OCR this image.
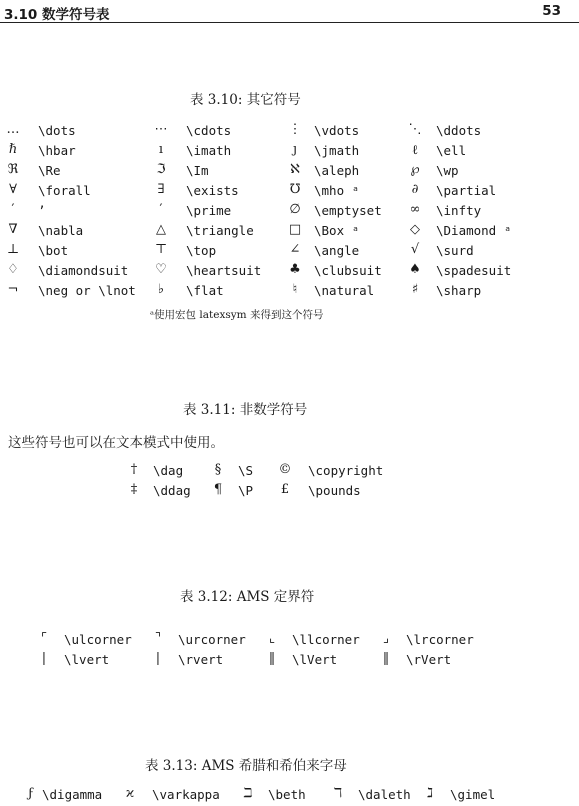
3.10 数学符号表	53
表 3.10: 其它符号
…	\dots	⋯	\cdots	⋮	\vdots	⋱	\ddots
ℏ	\hbar	ı	\imath	ȷ	\jmath	ℓ	\ell
ℜ	\Re	ℑ	\Im	ℵ	\aleph	℘	\wp
∀	\forall	∃	\exists	℧	\mho ᵃ	∂	\partial
′	’	′	\prime	∅	\emptyset	∞	\infty
∇	\nabla	△	\triangle	□	\Box ᵃ	◇	\Diamond ᵃ
⊥	\bot	⊤	\top	∠	\angle	√	\surd
♢	\diamondsuit	♡	\heartsuit	♣	\clubsuit	♠	\spadesuit
¬	\neg or \lnot	♭	\flat	♮	\natural	♯	\sharp
ᵃ使用宏包 latexsym 来得到这个符号
表 3.11: 非数学符号
这些符号也可以在文本模式中使用。
†	\dag	§	\S	©	\copyright
‡	\ddag	¶	\P	£	\pounds
表 3.12: AMS 定界符
⌜	\ulcorner	⌝	\urcorner	⌞	\llcorner	⌟	\lrcorner
|	\lvert	|	\rvert	‖	\lVert	‖	\rVert
表 3.13: AMS 希腊和希伯来字母
ϝ \digamma	ϰ	\varkappa	ℶ	\beth	ℸ	\daleth	ℷ	\gimel
